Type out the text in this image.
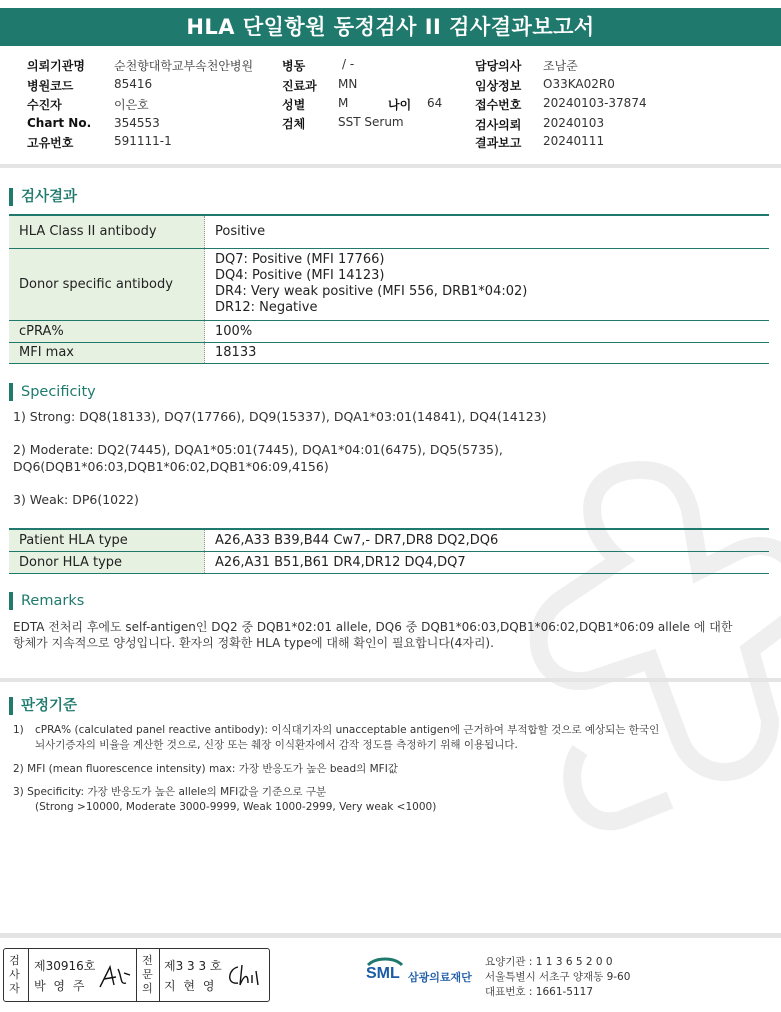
HLA 단일항원 동정검사 II 검사결과보고서
의뢰기관명 순천향대학교부속천안병원
병원코드	85416
수진자	이은호
Chart No. 354553
고유번호	591111-1
병동	/ -
진료과 MN
성별	M	나이 64
검체	SST Serum
담당의사 조남준
임상정보 O33KA02R0
접수번호 20240103-37874
검사의뢰 20240103
결과보고 20240111
검사결과
HLA Class II antibody	Positive
Donor specific antibody	DQ7: Positive (MFI 17766)
DQ4: Positive (MFI 14123)
DR4: Very weak positive (MFI 556, DRB1*04:02)
DR12: Negative

cPRA%	100%
MFI max	18133
Specificity
1) Strong: DQ8(18133), DQ7(17766), DQ9(15337), DQA1*03:01(14841), DQ4(14123)
2) Moderate: DQ2(7445), DQA1*05:01(7445), DQA1*04:01(6475), DQ5(5735),
DQ6(DQB1*06:03,DQB1*06:02,DQB1*06:09,4156)
3) Weak: DP6(1022)
Patient HLA type	A26,A33 B39,B44 Cw7,- DR7,DR8 DQ2,DQ6
Donor HLA type	A26,A31 B51,B61 DR4,DR12 DQ4,DQ7
Remarks
EDTA 전처리 후에도 self-antigen인 DQ2 중 DQB1*02:01 allele, DQ6 중 DQB1*06:03,DQB1*06:02,DQB1*06:09 allele 에 대한
항체가 지속적으로 양성입니다. 환자의 정확한 HLA type에 대해 확인이 필요합니다(4자리).
판정기준
1) cPRA% (calculated panel reactive antibody): 이식대기자의 unacceptable antigen에 근거하여 부적합할 것으로 예상되는 한국인
뇌사기증자의 비율을 계산한 것으로, 신장 또는 췌장 이식환자에서 감작 정도를 측정하기 위해 이용됩니다.
2) MFI (mean fluorescence intensity) max: 가장 반응도가 높은 bead의 MFI값
3) Specificity: 가장 반응도가 높은 allele의 MFI값을 기준으로 구분
(Strong >10000, Moderate 3000-9999, Weak 1000-2999, Very weak <1000)
검사자
제30916호
박 영 주
전문의
제3 3 3 호
지 현 영
SML 삼광의료재단
요양기관 : 1 1 3 6 5 2 0 0
서울특별시 서초구 양재동 9-60
대표번호 : 1661-5117
